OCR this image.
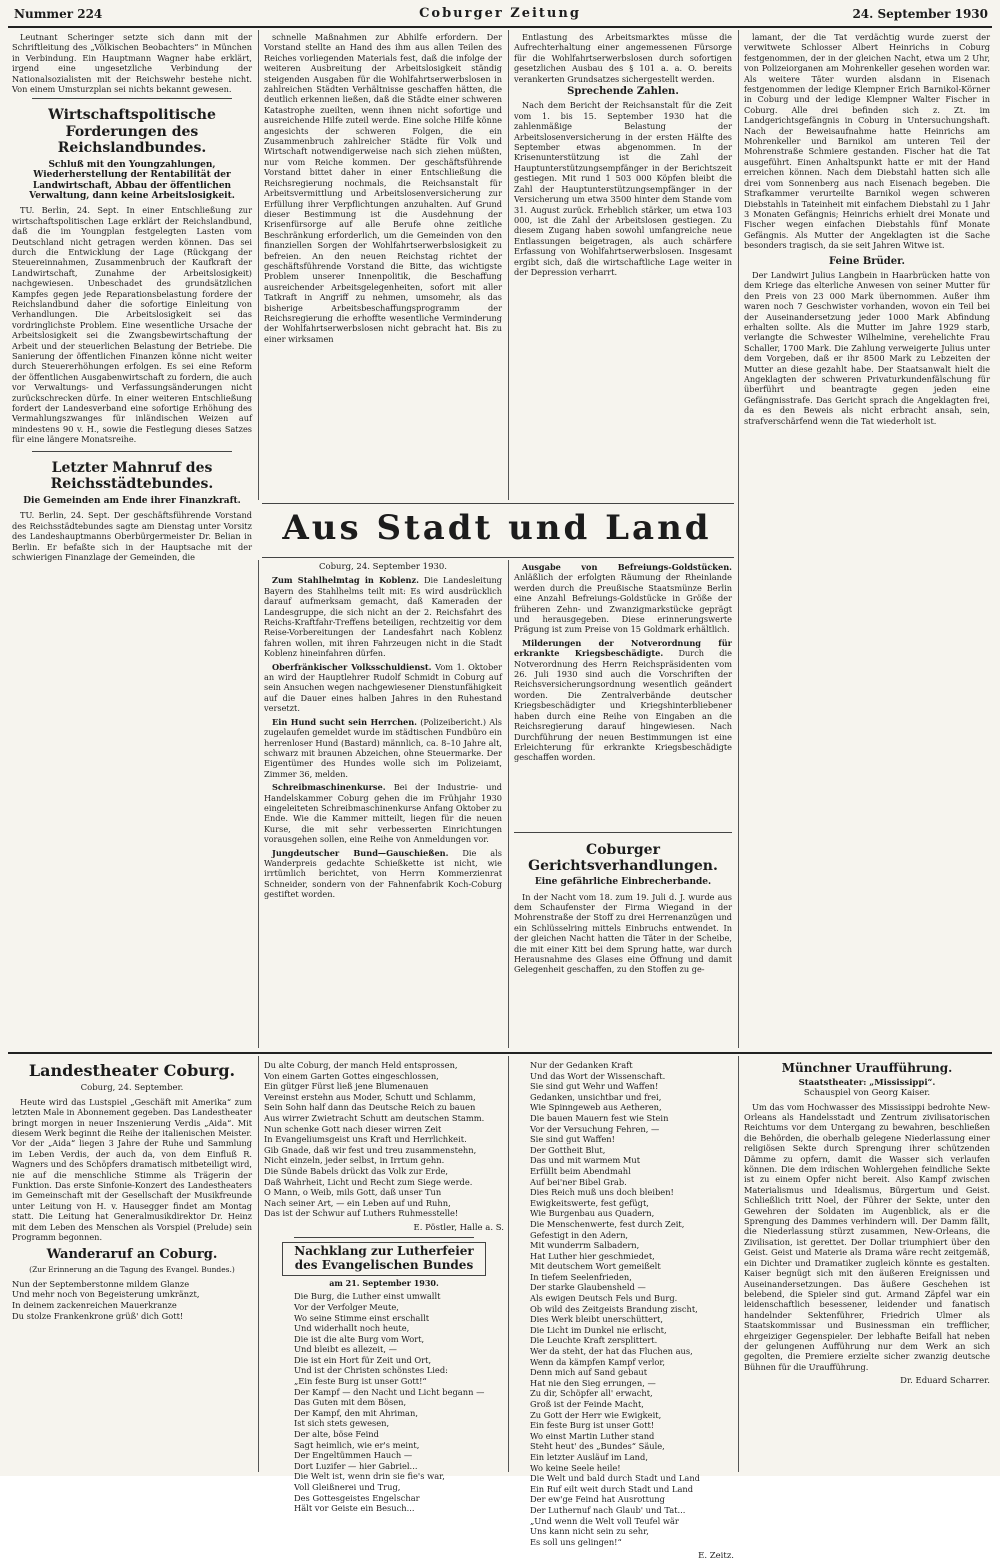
Nummer 224	Coburger Zeitung	24. September 1930

Leutnant Scheringer setzte sich dann mit der Schriftleitung des „Völkischen Beobachters“ in München in Verbindung. Ein Hauptmann Wagner habe erklärt, irgend eine ungesetzliche Verbindung der Nationalsozialisten mit der Reichswehr bestehe nicht. Von einem Umsturzplan sei nichts bekannt gewesen.

Wirtschaftspolitische Forderungen des Reichslandbundes.
Schluß mit den Youngzahlungen, Wiederherstellung der Rentabilität der Landwirtschaft, Abbau der öffentlichen Verwaltung, dann keine Arbeitslosigkeit.

TU. Berlin, 24. Sept. In einer Entschließung zur wirtschaftspolitischen Lage erklärt der Reichslandbund, daß die im Youngplan festgelegten Lasten vom Deutschland nicht getragen werden können. Das sei durch die Entwicklung der Lage (Rückgang der Steuereinnahmen, Zusammenbruch der Kaufkraft der Landwirtschaft, Zunahme der Arbeitslosigkeit) nachgewiesen. Unbeschadet des grundsätzlichen Kampfes gegen jede Reparationsbelastung fordere der Reichslandbund daher die sofortige Einleitung von Verhandlungen. Die Arbeitslosigkeit sei das vordringlichste Problem. Eine wesentliche Ursache der Arbeitslosigkeit sei die Zwangsbewirtschaftung der Arbeit und der steuerlichen Belastung der Betriebe. Die Sanierung der öffentlichen Finanzen könne nicht weiter durch Steuererhöhungen erfolgen. Es sei eine Reform der öffentlichen Ausgabenwirtschaft zu fordern, die auch vor Verwaltungs- und Verfassungsänderungen nicht zurückschrecken dürfe. In einer weiteren Entschließung fordert der Landesverband eine sofortige Erhöhung des Vermahlungszwanges für inländischen Weizen auf mindestens 90 v. H., sowie die Festlegung dieses Satzes für eine längere Monatsreihe.

Letzter Mahnruf des Reichsstädtebundes.
Die Gemeinden am Ende ihrer Finanzkraft.

TU. Berlin, 24. Sept. Der geschäftsführende Vorstand des Reichsstädtebundes sagte am Dienstag unter Vorsitz des Landeshauptmanns Oberbürgermeister Dr. Belian in Berlin. Er befaßte sich in der Hauptsache mit der schwierigen Finanzlage der Gemeinden, die

schnelle Maßnahmen zur Abhilfe erfordern. Der Vorstand stellte an Hand des ihm aus allen Teilen des Reiches vorliegenden Materials fest, daß die infolge der weiteren Ausbreitung der Arbeitslosigkeit ständig steigenden Ausgaben für die Wohlfahrtserwerbslosen in zahlreichen Städten Verhältnisse geschaffen hätten, die deutlich erkennen ließen, daß die Städte einer schweren Katastrophe zueilten, wenn ihnen nicht sofortige und ausreichende Hilfe zuteil werde. Eine solche Hilfe könne angesichts der schweren Folgen, die ein Zusammenbruch zahlreicher Städte für Volk und Wirtschaft notwendigerweise nach sich ziehen müßten, nur vom Reiche kommen. Der geschäftsführende Vorstand bittet daher in einer Entschließung die Reichsregierung nochmals, die Reichsanstalt für Arbeitsvermittlung und Arbeitslosenversicherung zur Erfüllung ihrer Verpflichtungen anzuhalten. Auf Grund dieser Bestimmung ist die Ausdehnung der Krisenfürsorge auf alle Berufe ohne zeitliche Beschränkung erforderlich, um die Gemeinden von den finanziellen Sorgen der Wohlfahrtserwerbslosigkeit zu befreien. An den neuen Reichstag richtet der geschäftsführende Vorstand die Bitte, das wichtigste Problem unserer Innenpolitik, die Beschaffung ausreichender Arbeitsgelegenheiten, sofort mit aller Tatkraft in Angriff zu nehmen, umsomehr, als das bisherige Arbeitsbeschaffungsprogramm der Reichsregierung die erhoffte wesentliche Verminderung der Wohlfahrtserwerbslosen nicht gebracht hat. Bis zu einer wirksamen

Entlastung des Arbeitsmarktes müsse die Aufrechterhaltung einer angemessenen Fürsorge für die Wohlfahrtserwerbslosen durch sofortigen gesetzlichen Ausbau des § 101 a. a. O. bereits verankerten Grundsatzes sichergestellt werden.

Sprechende Zahlen.

Nach dem Bericht der Reichsanstalt für die Zeit vom 1. bis 15. September 1930 hat die zahlenmäßige Belastung der Arbeitslosenversicherung in der ersten Hälfte des September etwas abgenommen. In der Krisenunterstützung ist die Zahl der Hauptunterstützungsempfänger in der Berichtszeit gestiegen. Mit rund 1 503 000 Köpfen bleibt die Zahl der Hauptunterstützungsempfänger in der Versicherung um etwa 3500 hinter dem Stande vom 31. August zurück. Erheblich stärker, um etwa 103 000, ist die Zahl der Arbeitslosen gestiegen. Zu diesem Zugang haben sowohl umfangreiche neue Entlassungen beigetragen, als auch schärfere Erfassung von Wohlfahrtserwerbslosen. Insgesamt ergibt sich, daß die wirtschaftliche Lage weiter in der Depression verharrt.

lamant, der die Tat verdächtig wurde zuerst der verwitwete Schlosser Albert Heinrichs in Coburg festgenommen, der in der gleichen Nacht, etwa um 2 Uhr, von Polizeiorganen am Mohrenkeller gesehen worden war. Als weitere Täter wurden alsdann in Eisenach festgenommen der ledige Klempner Erich Barnikol-Körner in Coburg und der ledige Klempner Walter Fischer in Coburg. Alle drei befinden sich z. Zt. im Landgerichtsgefängnis in Coburg in Untersuchungshaft. Nach der Beweisaufnahme hatte Heinrichs am Mohrenkeller und Barnikol am unteren Teil der Mohrenstraße Schmiere gestanden. Fischer hat die Tat ausgeführt. Einen Anhaltspunkt hatte er mit der Hand erreichen können. Nach dem Diebstahl hatten sich alle drei vom Sonnenberg aus nach Eisenach begeben. Die Strafkammer verurteilte Barnikol wegen schweren Diebstahls in Tateinheit mit einfachem Diebstahl zu 1 Jahr 3 Monaten Gefängnis; Heinrichs erhielt drei Monate und Fischer wegen einfachen Diebstahls fünf Monate Gefängnis. Als Mutter der Angeklagten ist die Sache besonders tragisch, da sie seit Jahren Witwe ist.

Feine Brüder.

Der Landwirt Julius Langbein in Haarbrücken hatte von dem Kriege das elterliche Anwesen von seiner Mutter für den Preis von 23 000 Mark übernommen. Außer ihm waren noch 7 Geschwister vorhanden, wovon ein Teil bei der Auseinandersetzung jeder 1000 Mark Abfindung erhalten sollte. Als die Mutter im Jahre 1929 starb, verlangte die Schwester Wilhelmine, verehelichte Frau Schaller, 1700 Mark. Die Zahlung verweigerte Julius unter dem Vorgeben, daß er ihr 8500 Mark zu Lebzeiten der Mutter an diese gezahlt habe. Der Staatsanwalt hielt die Angeklagten der schweren Privaturkundenfälschung für überführt und beantragte gegen jeden eine Gefängnisstrafe. Das Gericht sprach die Angeklagten frei, da es den Beweis als nicht erbracht ansah, sein, strafverschärfend wenn die Tat wiederholt ist.

Aus Stadt und Land
Coburg, 24. September 1930.

Zum Stahlhelmtag in Koblenz. Die Landesleitung Bayern des Stahlhelms teilt mit: Es wird ausdrücklich darauf aufmerksam gemacht, daß Kameraden der Landesgruppe, die sich nicht an der 2. Reichsfahrt des Reichs-Kraftfahr-Treffens beteiligen, rechtzeitig vor dem Reise-Vorbereitungen der Landesfahrt nach Koblenz fahren wollen, mit ihren Fahrzeugen nicht in die Stadt Koblenz hineinfahren dürfen.

Oberfränkischer Volksschuldienst. Vom 1. Oktober an wird der Hauptlehrer Rudolf Schmidt in Coburg auf sein Ansuchen wegen nachgewiesener Dienstunfähigkeit auf die Dauer eines halben Jahres in den Ruhestand versetzt.

Ein Hund sucht sein Herrchen. (Polizeibericht.) Als zugelaufen gemeldet wurde im städtischen Fundbüro ein herrenloser Hund (Bastard) männlich, ca. 8–10 Jahre alt, schwarz mit braunen Abzeichen, ohne Steuermarke. Der Eigentümer des Hundes wolle sich im Polizeiamt, Zimmer 36, melden.

Schreibmaschinenkurse. Bei der Industrie- und Handelskammer Coburg gehen die im Frühjahr 1930 eingeleiteten Schreibmaschinenkurse Anfang Oktober zu Ende. Wie die Kammer mitteilt, liegen für die neuen Kurse, die mit sehr verbesserten Einrichtungen vorausgehen sollen, eine Reihe von Anmeldungen vor.

Jungdeutscher Bund—Gauschießen. Die als Wanderpreis gedachte Schießkette ist nicht, wie irrtümlich berichtet, von Herrn Kommerzienrat Schneider, sondern von der Fahnenfabrik Koch-Coburg gestiftet worden.

Ausgabe von Befreiungs-Goldstücken. Anläßlich der erfolgten Räumung der Rheinlande werden durch die Preußische Staatsmünze Berlin eine Anzahl Befreiungs-Goldstücke in Größe der früheren Zehn- und Zwanzigmarkstücke geprägt und herausgegeben. Diese erinnerungswerte Prägung ist zum Preise von 15 Goldmark erhältlich.

Milderungen der Notverordnung für erkrankte Kriegsbeschädigte. Durch die Notverordnung des Herrn Reichspräsidenten vom 26. Juli 1930 sind auch die Vorschriften der Reichsversicherungsordnung wesentlich geändert worden. Die Zentralverbände deutscher Kriegsbeschädigter und Kriegshinterbliebener haben durch eine Reihe von Eingaben an die Reichsregierung darauf hingewiesen. Nach Durchführung der neuen Bestimmungen ist eine Erleichterung für erkrankte Kriegsbeschädigte geschaffen worden.

Coburger Gerichtsverhandlungen.
Eine gefährliche Einbrecherbande.

In der Nacht vom 18. zum 19. Juli d. J. wurde aus dem Schaufenster der Firma Wiegand in der Mohrenstraße der Stoff zu drei Herrenanzügen und ein Schlüsselring mittels Einbruchs entwendet. In der gleichen Nacht hatten die Täter in der Scheibe, die mit einer Kitt bei dem Sprung hatte, war durch Herausnahme des Glases eine Öffnung und damit Gelegenheit geschaffen, zu den Stoffen zu ge-

Landestheater Coburg.
Coburg, 24. September.

Heute wird das Lustspiel „Geschäft mit Amerika“ zum letzten Male in Abonnement gegeben. Das Landestheater bringt morgen in neuer Inszenierung Verdis „Aida“. Mit diesem Werk beginnt die Reihe der italienischen Meister. Vor der „Aida“ liegen 3 Jahre der Ruhe und Sammlung im Leben Verdis, der auch da, von dem Einfluß R. Wagners und des Schöpfers dramatisch mitbeteiligt wird, nie auf die menschliche Stimme als Trägerin der Funktion. Das erste Sinfonie-Konzert des Landestheaters im Gemeinschaft mit der Gesellschaft der Musikfreunde unter Leitung von H. v. Hausegger findet am Montag statt. Die Leitung hat Generalmusikdirektor Dr. Heinz mit dem Leben des Menschen als Vorspiel (Prelude) sein Programm begonnen.

Wanderaruf an Coburg.
(Zur Erinnerung an die Tagung des Evangel. Bundes.)
Nun der Septemberstonne mildem Glanze
Und mehr noch von Begeisterung umkränzt,
In deinem zackenreichen Mauerkranze
Du stolze Frankenkrone grüß' dich Gott!
Du alte Coburg, der manch Held entsprossen,
Von einem Garten Gottes eingeschlossen,
Ein gütger Fürst ließ jene Blumenauen
Vereinst erstehn aus Moder, Schutt und Schlamm,
Sein Sohn half dann das Deutsche Reich zu bauen
Aus wirrer Zwietracht Schutt am deutschen Stamm.
Nun schenke Gott nach dieser wirren Zeit
In Evangeliumsgeist uns Kraft und Herrlichkeit.
Gib Gnade, daß wir fest und treu zusammenstehn,
Nicht einzeln, jeder selbst, in Irrtum gehn.
Die Sünde Babels drückt das Volk zur Erde,
Daß Wahrheit, Licht und Recht zum Siege werde.
O Mann, o Weib, mils Gott, daß unser Tun
Nach seiner Art, — ein Leben auf und Ruhn,
Das ist der Schwur auf Luthers Ruhmesstelle!
E. Pöstler, Halle a. S.
Nachklang zur Lutherfeier des Evangelischen Bundes
am 21. September 1930.
Die Burg, die Luther einst umwallt
Vor der Verfolger Meute,
Wo seine Stimme einst erschallt
Und widerhallt noch heute,
Die ist die alte Burg vom Wort,
Und bleibt es allezeit, —
Die ist ein Hort für Zeit und Ort,
Und ist der Christen schönstes Lied:
„Ein feste Burg ist unser Gott!“
Der Kampf — den Nacht und Licht begann —
Das Guten mit dem Bösen,
Der Kampf, den mit Ahriman,
Ist sich stets gewesen,
Der alte, böse Feind
Sagt heimlich, wie er's meint,
Der Engeltümmen Hauch —
Dort Luzifer — hier Gabriel...
Die Welt ist, wenn drin sie fie's war,
Voll Gleißnerei und Trug,
Des Gottesgeistes Engelschar
Hält vor Geiste ein Besuch...
Nur der Gedanken Kraft
Und das Wort der Wissenschaft.
Sie sind gut Wehr und Waffen!
Gedanken, unsichtbar und frei,
Wie Spinngeweb aus Aetheren,
Die bauen Mauern fest wie Stein
Vor der Versuchung Fehren, —
Sie sind gut Waffen!
Der Gottheit Blut,
Das und mit warmem Mut
Erfüllt beim Abendmahl
Auf bei'ner Bibel Grab.
Dies Reich muß uns doch bleiben!
Ewigkeitswerte, fest gefügt,
Wie Burgenbau aus Quadern,
Die Menschenwerte, fest durch Zeit,
Gefestigt in den Adern,
Mit wunderrm Salbadern,
Hat Luther hier geschmiedet,
Mit deutschem Wort gemeißelt
In tiefem Seelenfrieden,
Der starke Glaubensheld —
Als ewigen Deutsch Fels und Burg.
Ob wild des Zeitgeists Brandung zischt,
Dies Werk bleibt unerschüttert,
Die Licht im Dunkel nie erlischt,
Die Leuchte Kraft zersplittert.
Wer da steht, der hat das Fluchen aus,
Wenn da kämpfen Kampf verlor,
Denn mich auf Sand gebaut
Hat nie den Sieg errungen, —
Zu dir, Schöpfer all' erwacht,
Groß ist der Feinde Macht,
Zu Gott der Herr wie Ewigkeit,
Ein feste Burg ist unser Gott!
Wo einst Martin Luther stand
Steht heut' des „Bundes“ Säule,
Ein letzter Ausläuf im Land,
Wo keine Seele heile!
Die Welt und bald durch Stadt und Land
Ein Ruf eilt weit durch Stadt und Land
Der ew'ge Feind hat Ausrottung
Der Luthernuf nach Glaub' und Tat...
„Und wenn die Welt voll Teufel wär
Uns kann nicht sein zu sehr,
Es soll uns gelingen!“
E. Zeitz.
Münchner Uraufführung.
Staatstheater: „Mississippi“.
Schauspiel von Georg Kaiser.

Um das vom Hochwasser des Mississippi bedrohte New-Orleans als Handelsstadt und Zentrum zivilisatorischen Reichtums vor dem Untergang zu bewahren, beschließen die Behörden, die oberhalb gelegene Niederlassung einer religiösen Sekte durch Sprengung ihrer schützenden Dämme zu opfern, damit die Wasser sich verlaufen können. Die dem irdischen Wohlergehen feindliche Sekte ist zu einem Opfer nicht bereit. Also Kampf zwischen Materialismus und Idealismus, Bürgertum und Geist. Schließlich tritt Noel, der Führer der Sekte, unter den Gewehren der Soldaten im Augenblick, als er die Sprengung des Dammes verhindern will. Der Damm fällt, die Niederlassung stürzt zusammen, New-Orleans, die Zivilisation, ist gerettet. Der Dollar triumphiert über den Geist. Geist und Materie als Drama wäre recht zeitgemäß, ein Dichter und Dramatiker zugleich könnte es gestalten. Kaiser begnügt sich mit den äußeren Ereignissen und Auseinandersetzungen. Das äußere Geschehen ist belebend, die Spieler sind gut. Armand Zäpfel war ein leidenschaftlich besessener, leidender und fanatisch handelnder Sektenführer, Friedrich Ulmer als Staatskommissar und Businessman ein trefflicher, ehrgeiziger Gegenspieler. Der lebhafte Beifall hat neben der gelungenen Aufführung nur dem Werk an sich gegolten, die Premiere erzielte sicher zwanzig deutsche Bühnen für die Uraufführung.

Dr. Eduard Scharrer.
